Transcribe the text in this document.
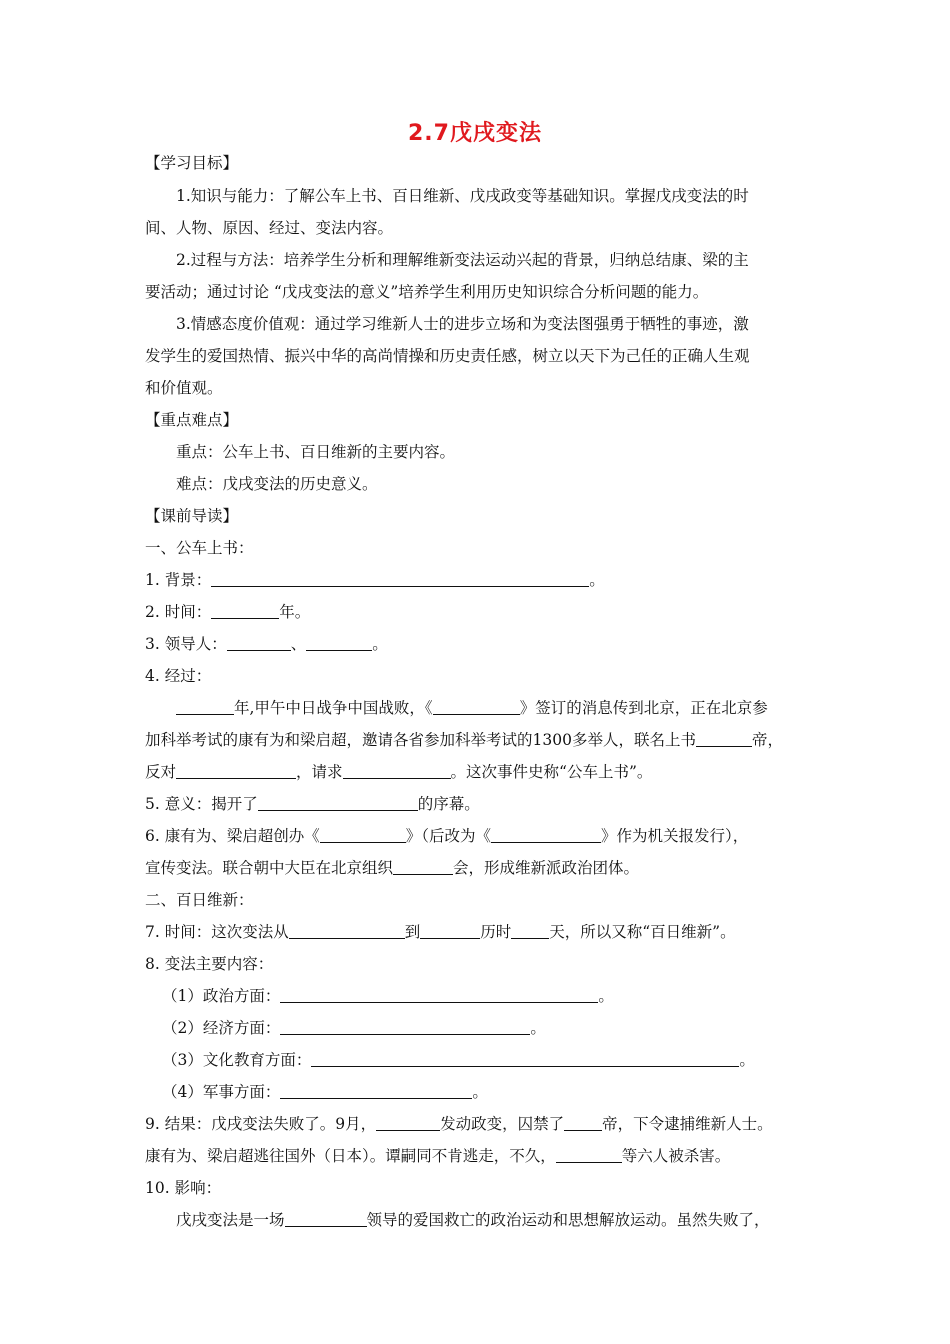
2.7戊戌变法
【学习目标】
1.知识与能力：了解公车上书、百日维新、戊戌政变等基础知识。掌握戊戌变法的时
间、人物、原因、经过、变法内容。
2.过程与方法：培养学生分析和理解维新变法运动兴起的背景，归纳总结康、梁的主
要活动；通过讨论 “戊戌变法的意义”培养学生利用历史知识综合分析问题的能力。
3.情感态度价值观：通过学习维新人士的进步立场和为变法图强勇于牺牲的事迹，激
发学生的爱国热情、振兴中华的高尚情操和历史责任感，树立以天下为己任的正确人生观
和价值观。
【重点难点】
重点：公车上书、百日维新的主要内容。
难点：戊戌变法的历史意义。
【课前导读】
一、公车上书：
1. 背景：	。
2. 时间：	年。
3. 领导人：	、	。
4. 经过：
年,甲午中日战争中国战败，《	》签订的消息传到北京，正在北京参
加科举考试的康有为和梁启超，邀请各省参加科举考试的1300多举人，联名上书	帝，
反对	，请求	。这次事件史称“公车上书”。
5. 意义：揭开了	的序幕。
6. 康有为、梁启超创办《	》（后改为《	》作为机关报发行），
宣传变法。联合朝中大臣在北京组织	会，形成维新派政治团体。
二、百日维新：
7. 时间：这次变法从	到	历时 天，所以又称“百日维新”。
8. 变法主要内容：
（1）政治方面：	。
（2）经济方面：	。
（3）文化教育方面：	。
（4）军事方面：	。
9. 结果：戊戌变法失败了。9月，	发动政变，囚禁了 帝，下令逮捕维新人士。
康有为、梁启超逃往国外（日本）。谭嗣同不肯逃走，不久，	等六人被杀害。
10. 影响：
戊戌变法是一场	领导的爱国救亡的政治运动和思想解放运动。虽然失败了，
